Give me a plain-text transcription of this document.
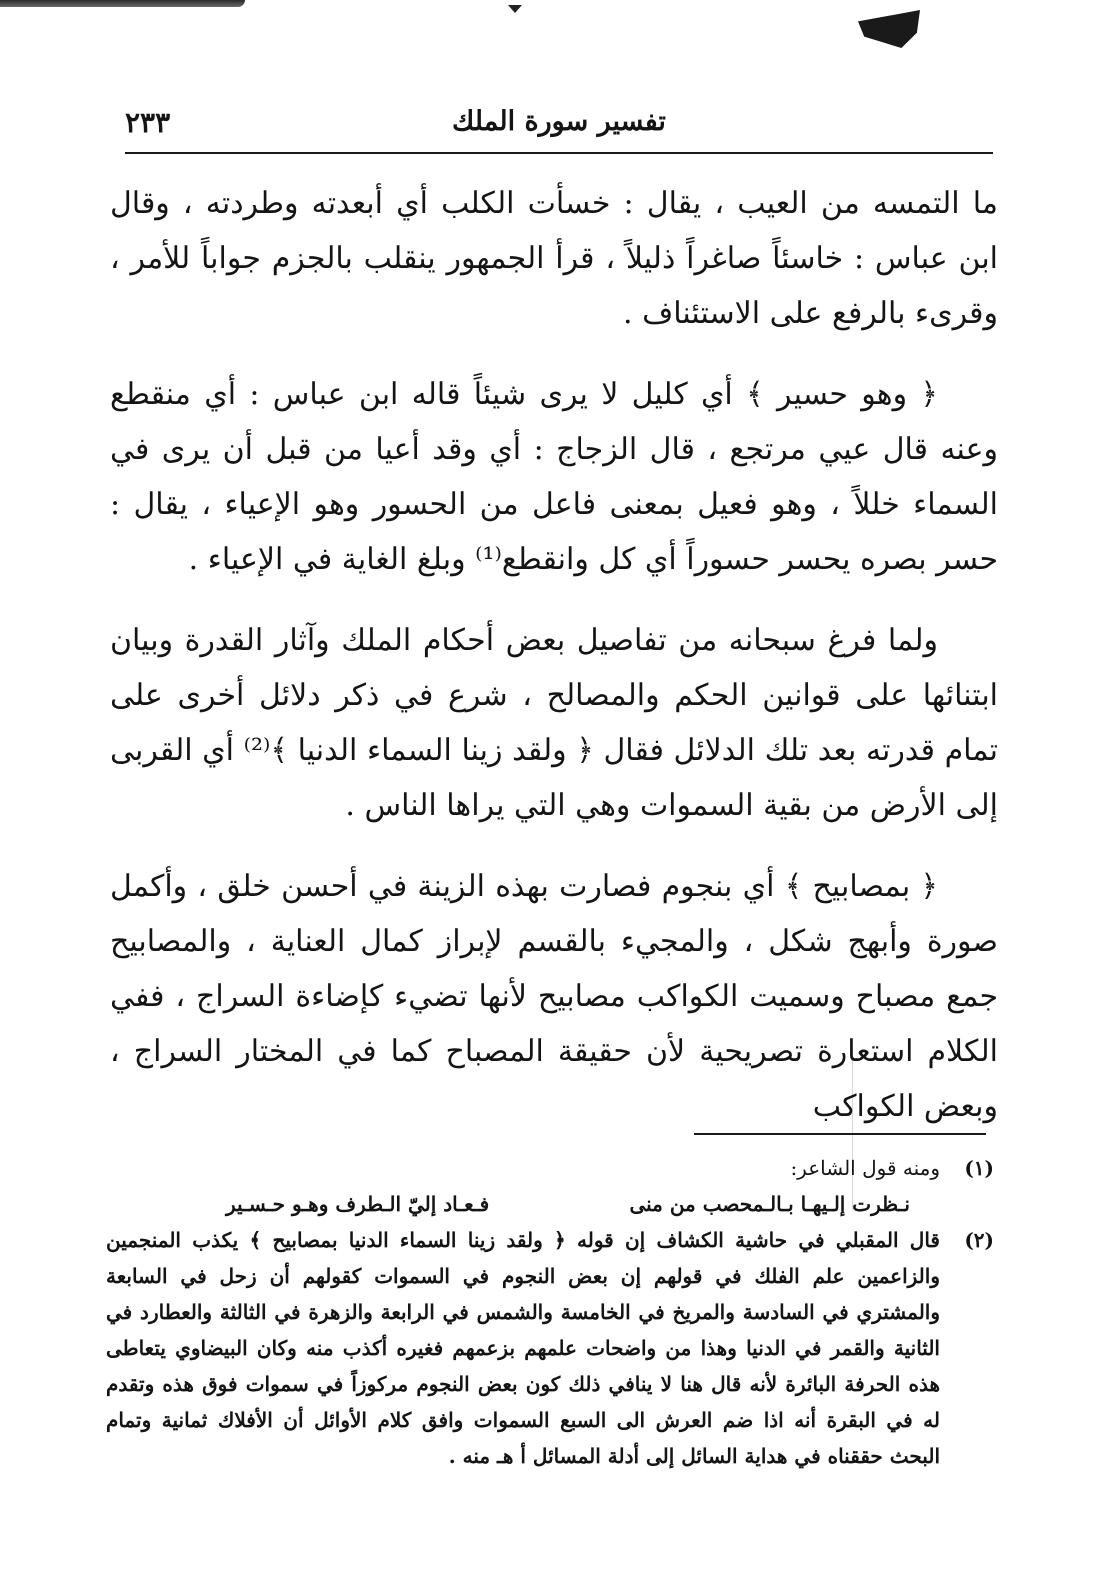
تفسير سورة الملك
٢٣٣

ما التمسه من العيب ، يقال : خسأت الكلب أي أبعدته وطردته ، وقال ابن عباس : خاسئاً صاغراً ذليلاً ، قرأ الجمهور ينقلب بالجزم جواباً للأمر ، وقرىء بالرفع على الاستئناف .

﴿ وهو حسير ﴾ أي كليل لا يرى شيئاً قاله ابن عباس : أي منقطع وعنه قال عيي مرتجع ، قال الزجاج : أي وقد أعيا من قبل أن يرى في السماء خللاً ، وهو فعيل بمعنى فاعل من الحسور وهو الإعياء ، يقال : حسر بصره يحسر حسوراً أي كل وانقطع⁽¹⁾ وبلغ الغاية في الإعياء .

ولما فرغ سبحانه من تفاصيل بعض أحكام الملك وآثار القدرة وبيان ابتنائها على قوانين الحكم والمصالح ، شرع في ذكر دلائل أخرى على تمام قدرته بعد تلك الدلائل فقال ﴿ ولقد زينا السماء الدنيا ﴾⁽²⁾ أي القربى إلى الأرض من بقية السموات وهي التي يراها الناس .

﴿ بمصابيح ﴾ أي بنجوم فصارت بهذه الزينة في أحسن خلق ، وأكمل صورة وأبهج شكل ، والمجيء بالقسم لإبراز كمال العناية ، والمصابيح جمع مصباح وسميت الكواكب مصابيح لأنها تضيء كإضاءة السراج ، ففي الكلام استعارة تصريحية لأن حقيقة المصباح كما في المختار السراج ، وبعض الكواكب

(١)

ومنه قول الشاعر:

نـظرت إلـيهـا بـالـمحصب من منى
فـعـاد إليّ الـطرف وهـو حـسـير
(٢)

قال المقبلي في حاشية الكشاف إن قوله ﴿ ولقد زينا السماء الدنيا بمصابيح ﴾ يكذب المنجمين والزاعمين علم الفلك في قولهم إن بعض النجوم في السموات كقولهم أن زحل في السابعة والمشتري في السادسة والمريخ في الخامسة والشمس في الرابعة والزهرة في الثالثة والعطارد في الثانية والقمر في الدنيا وهذا من واضحات علمهم بزعمهم فغيره أكذب منه وكان البيضاوي يتعاطى هذه الحرفة البائرة لأنه قال هنا لا ينافي ذلك كون بعض النجوم مركوزاً في سموات فوق هذه وتقدم له في البقرة أنه اذا ضم العرش الى السبع السموات وافق كلام الأوائل أن الأفلاك ثمانية وتمام البحث حققناه في هداية السائل إلى أدلة المسائل أ هـ منه .
